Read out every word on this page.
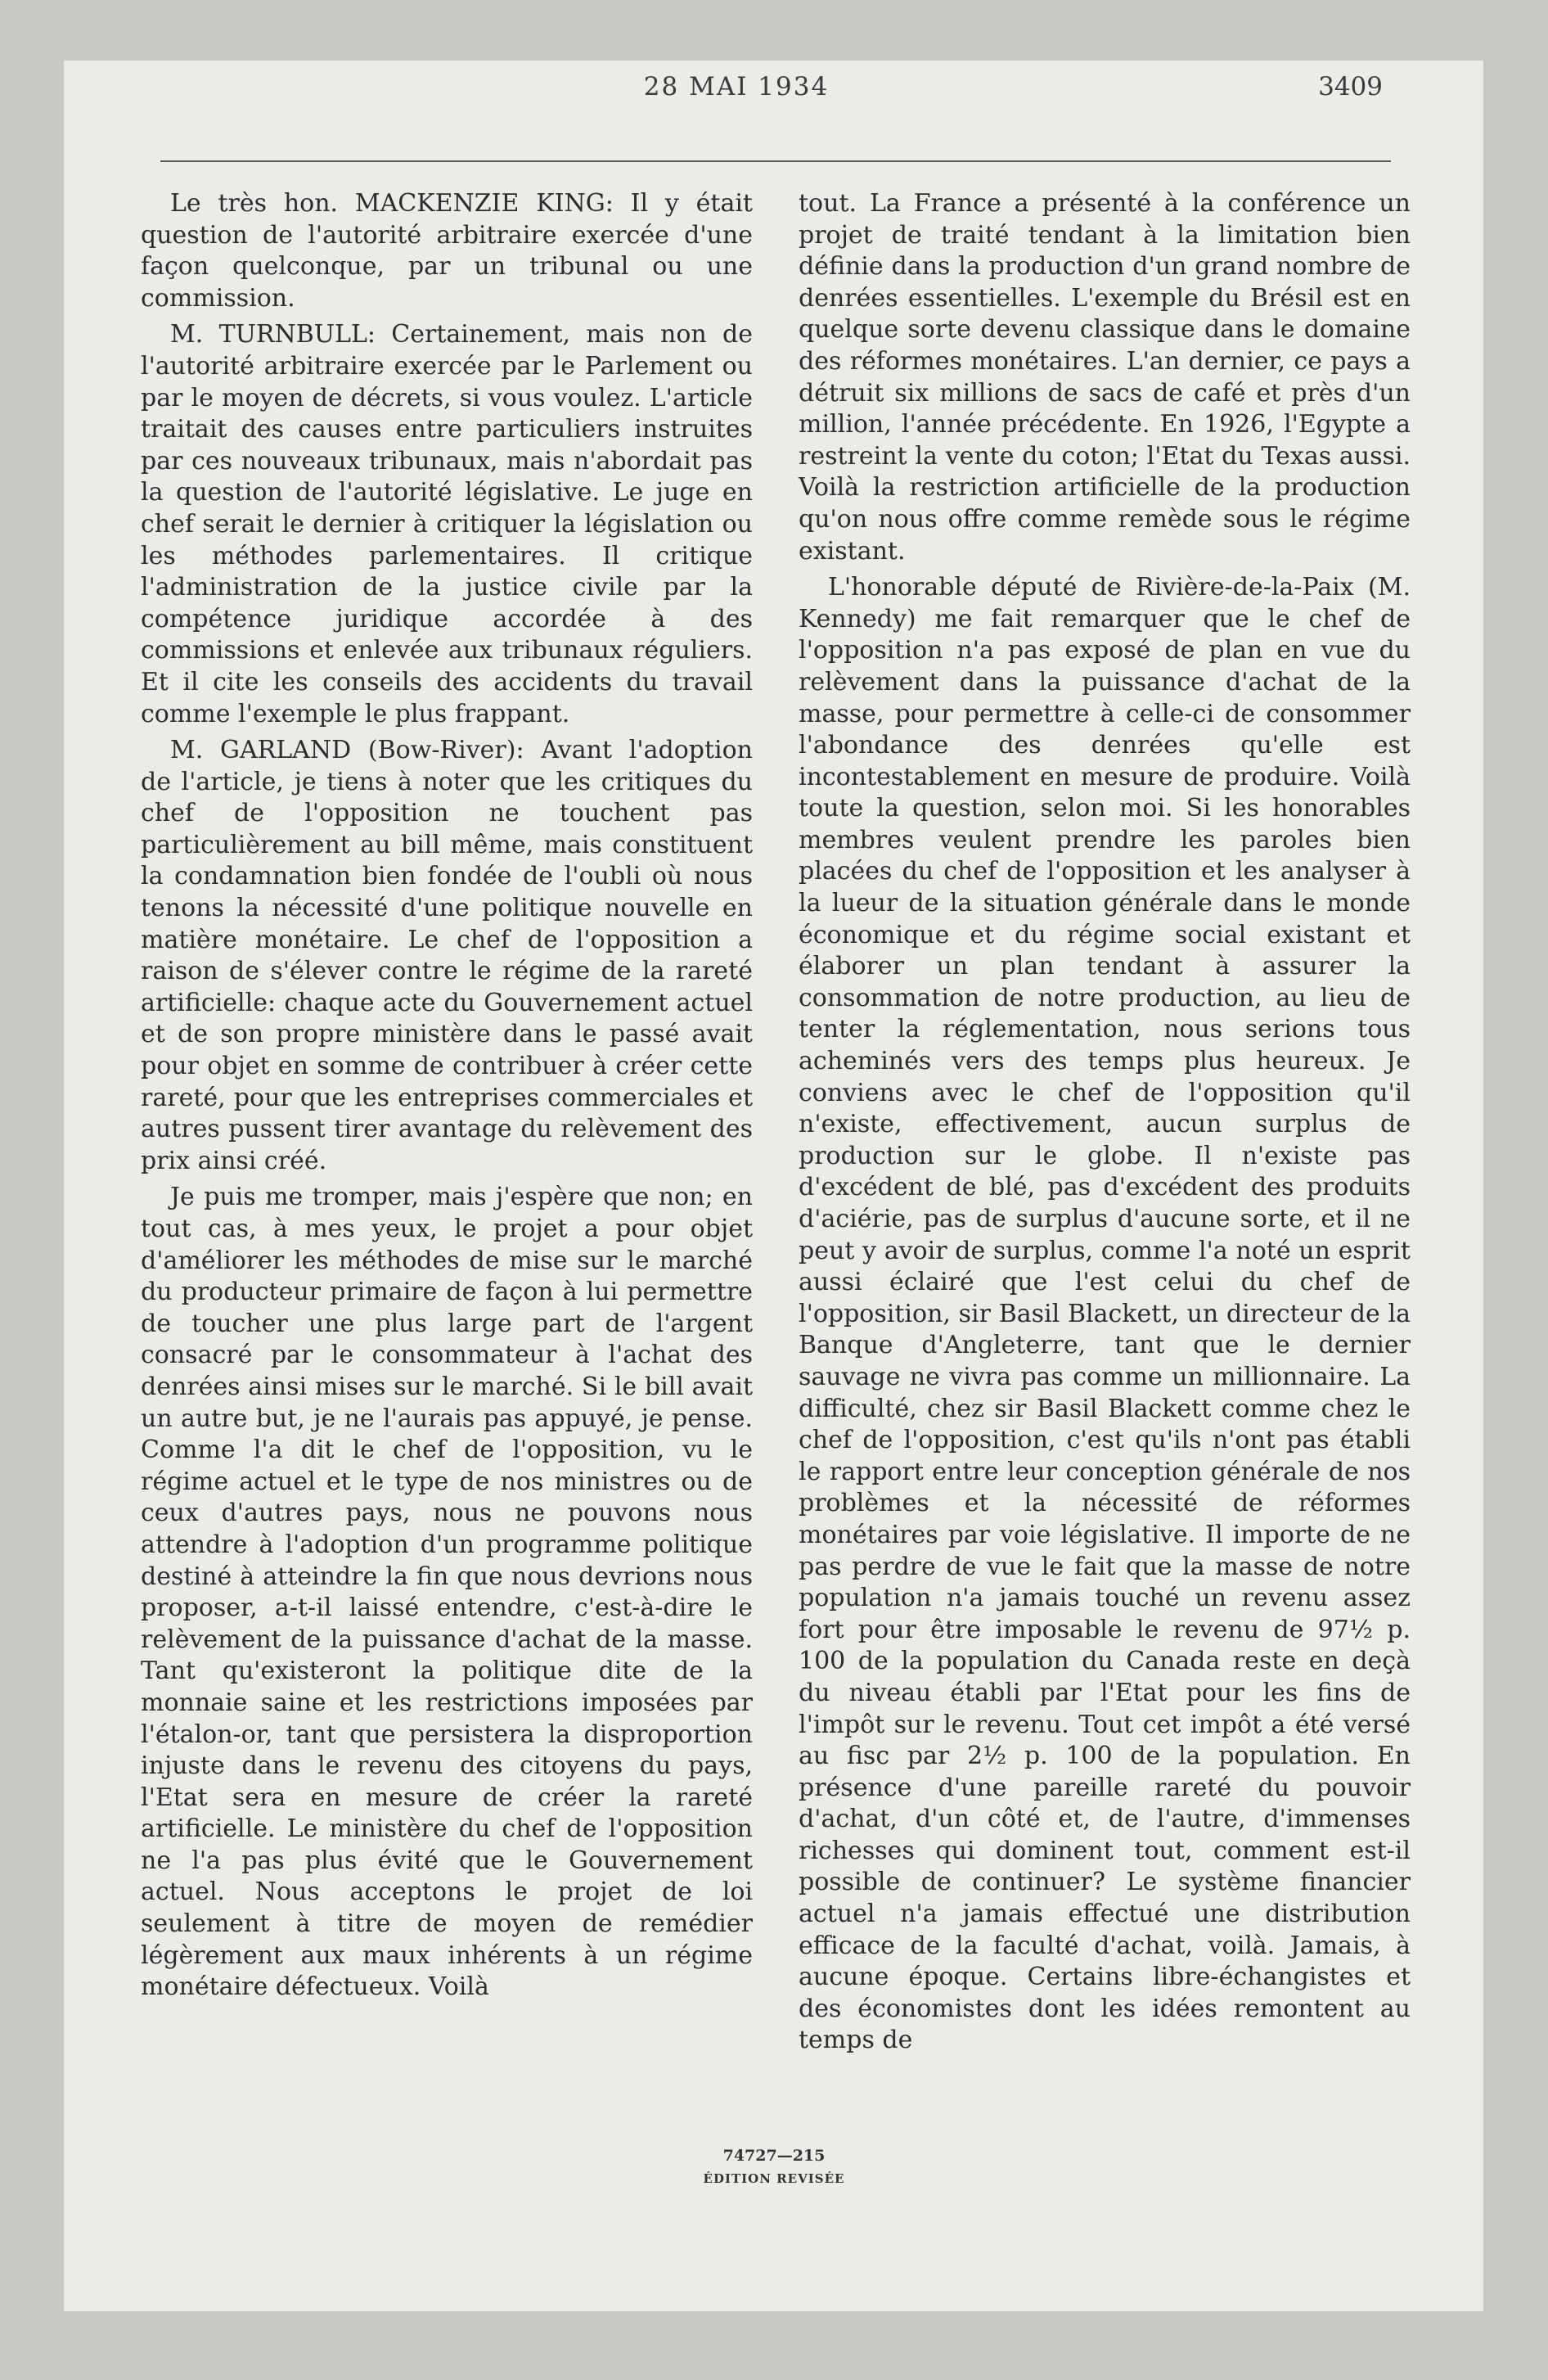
28 MAI 1934	3409

Le très hon. MACKENZIE KING: Il y était question de l'autorité arbitraire exercée d'une façon quelconque, par un tribunal ou une commission.

M. TURNBULL: Certainement, mais non de l'autorité arbitraire exercée par le Parlement ou par le moyen de décrets, si vous voulez. L'article traitait des causes entre particuliers instruites par ces nouveaux tribunaux, mais n'abordait pas la question de l'autorité législative. Le juge en chef serait le dernier à critiquer la législation ou les méthodes parlementaires. Il critique l'administration de la justice civile par la compétence juridique accordée à des commissions et enlevée aux tribunaux réguliers. Et il cite les conseils des accidents du travail comme l'exemple le plus frappant.

M. GARLAND (Bow-River): Avant l'adoption de l'article, je tiens à noter que les critiques du chef de l'opposition ne touchent pas particulièrement au bill même, mais constituent la condamnation bien fondée de l'oubli où nous tenons la nécessité d'une politique nouvelle en matière monétaire. Le chef de l'opposition a raison de s'élever contre le régime de la rareté artificielle: chaque acte du Gouvernement actuel et de son propre ministère dans le passé avait pour objet en somme de contribuer à créer cette rareté, pour que les entreprises commerciales et autres pussent tirer avantage du relèvement des prix ainsi créé.

Je puis me tromper, mais j'espère que non; en tout cas, à mes yeux, le projet a pour objet d'améliorer les méthodes de mise sur le marché du producteur primaire de façon à lui permettre de toucher une plus large part de l'argent consacré par le consommateur à l'achat des denrées ainsi mises sur le marché. Si le bill avait un autre but, je ne l'aurais pas appuyé, je pense. Comme l'a dit le chef de l'opposition, vu le régime actuel et le type de nos ministres ou de ceux d'autres pays, nous ne pouvons nous attendre à l'adoption d'un programme politique destiné à atteindre la fin que nous devrions nous proposer, a-t-il laissé entendre, c'est-à-dire le relèvement de la puissance d'achat de la masse. Tant qu'existeront la politique dite de la monnaie saine et les restrictions imposées par l'étalon-or, tant que persistera la disproportion injuste dans le revenu des citoyens du pays, l'Etat sera en mesure de créer la rareté artificielle. Le ministère du chef de l'opposition ne l'a pas plus évité que le Gouvernement actuel. Nous acceptons le projet de loi seulement à titre de moyen de remédier légèrement aux maux inhérents à un régime monétaire défectueux. Voilà

tout. La France a présenté à la conférence un projet de traité tendant à la limitation bien définie dans la production d'un grand nombre de denrées essentielles. L'exemple du Brésil est en quelque sorte devenu classique dans le domaine des réformes monétaires. L'an dernier, ce pays a détruit six millions de sacs de café et près d'un million, l'année précédente. En 1926, l'Egypte a restreint la vente du coton; l'Etat du Texas aussi. Voilà la restriction artificielle de la production qu'on nous offre comme remède sous le régime existant.

L'honorable député de Rivière-de-la-Paix (M. Kennedy) me fait remarquer que le chef de l'opposition n'a pas exposé de plan en vue du relèvement dans la puissance d'achat de la masse, pour permettre à celle-ci de consommer l'abondance des denrées qu'elle est incontestablement en mesure de produire. Voilà toute la question, selon moi. Si les honorables membres veulent prendre les paroles bien placées du chef de l'opposition et les analyser à la lueur de la situation générale dans le monde économique et du régime social existant et élaborer un plan tendant à assurer la consommation de notre production, au lieu de tenter la réglementation, nous serions tous acheminés vers des temps plus heureux. Je conviens avec le chef de l'opposition qu'il n'existe, effectivement, aucun surplus de production sur le globe. Il n'existe pas d'excédent de blé, pas d'excédent des produits d'aciérie, pas de surplus d'aucune sorte, et il ne peut y avoir de surplus, comme l'a noté un esprit aussi éclairé que l'est celui du chef de l'opposition, sir Basil Blackett, un directeur de la Banque d'Angleterre, tant que le dernier sauvage ne vivra pas comme un millionnaire. La difficulté, chez sir Basil Blackett comme chez le chef de l'opposition, c'est qu'ils n'ont pas établi le rapport entre leur conception générale de nos problèmes et la nécessité de réformes monétaires par voie législative. Il importe de ne pas perdre de vue le fait que la masse de notre population n'a jamais touché un revenu assez fort pour être imposable le revenu de 97½ p. 100 de la population du Canada reste en deçà du niveau établi par l'Etat pour les fins de l'impôt sur le revenu. Tout cet impôt a été versé au fisc par 2½ p. 100 de la population. En présence d'une pareille rareté du pouvoir d'achat, d'un côté et, de l'autre, d'immenses richesses qui dominent tout, comment est-il possible de continuer? Le système financier actuel n'a jamais effectué une distribution efficace de la faculté d'achat, voilà. Jamais, à aucune époque. Certains libre-échangistes et des économistes dont les idées remontent au temps de

74727—215
ÉDITION REVISÉE
